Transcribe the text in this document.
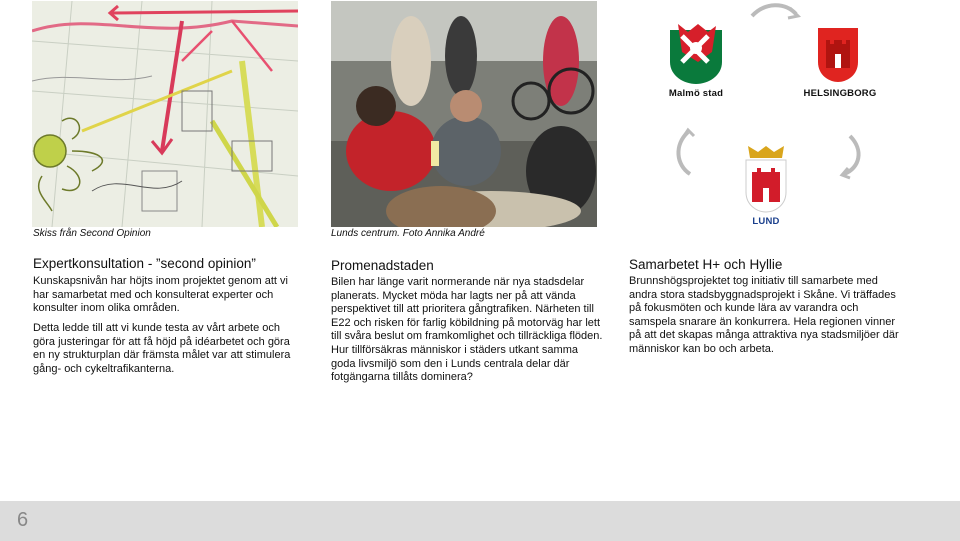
Skiss från Second Opinion	Lunds centrum. Foto Annika André
Malmö stad	HELSINGBORG
LUND
Expertkonsultation - ”second opinion”

Kunskapsnivån har höjts inom projektet genom att vi har samarbetat med och konsulterat experter och konsulter inom olika områden.

Detta ledde till att vi kunde testa av vårt arbete och göra justeringar för att få höjd på idéarbetet och göra en ny strukturplan där främsta målet var att stimulera gång- och cykeltrafikanterna.

Promenadstaden

Bilen har länge varit normerande när nya stadsdelar planerats. Mycket möda har lagts ner på att vända perspektivet till att prioritera gångtrafiken. Närheten till E22 och risken för farlig köbildning på motorväg har lett till svåra beslut om framkomlighet och tillräckliga flöden. Hur tillförsäkras människor i städers utkant samma goda livsmiljö som den i Lunds centrala delar där fotgängarna tillåts dominera?

Samarbetet H+ och Hyllie

Brunnshögsprojektet tog initiativ till samarbete med andra stora stadsbyggnadsprojekt i Skåne. Vi träffades på fokusmöten och kunde lära av varandra och samspela snarare än konkurrera. Hela regionen vinner på att det skapas många attraktiva nya stadsmiljöer där människor kan bo och arbeta.

6
